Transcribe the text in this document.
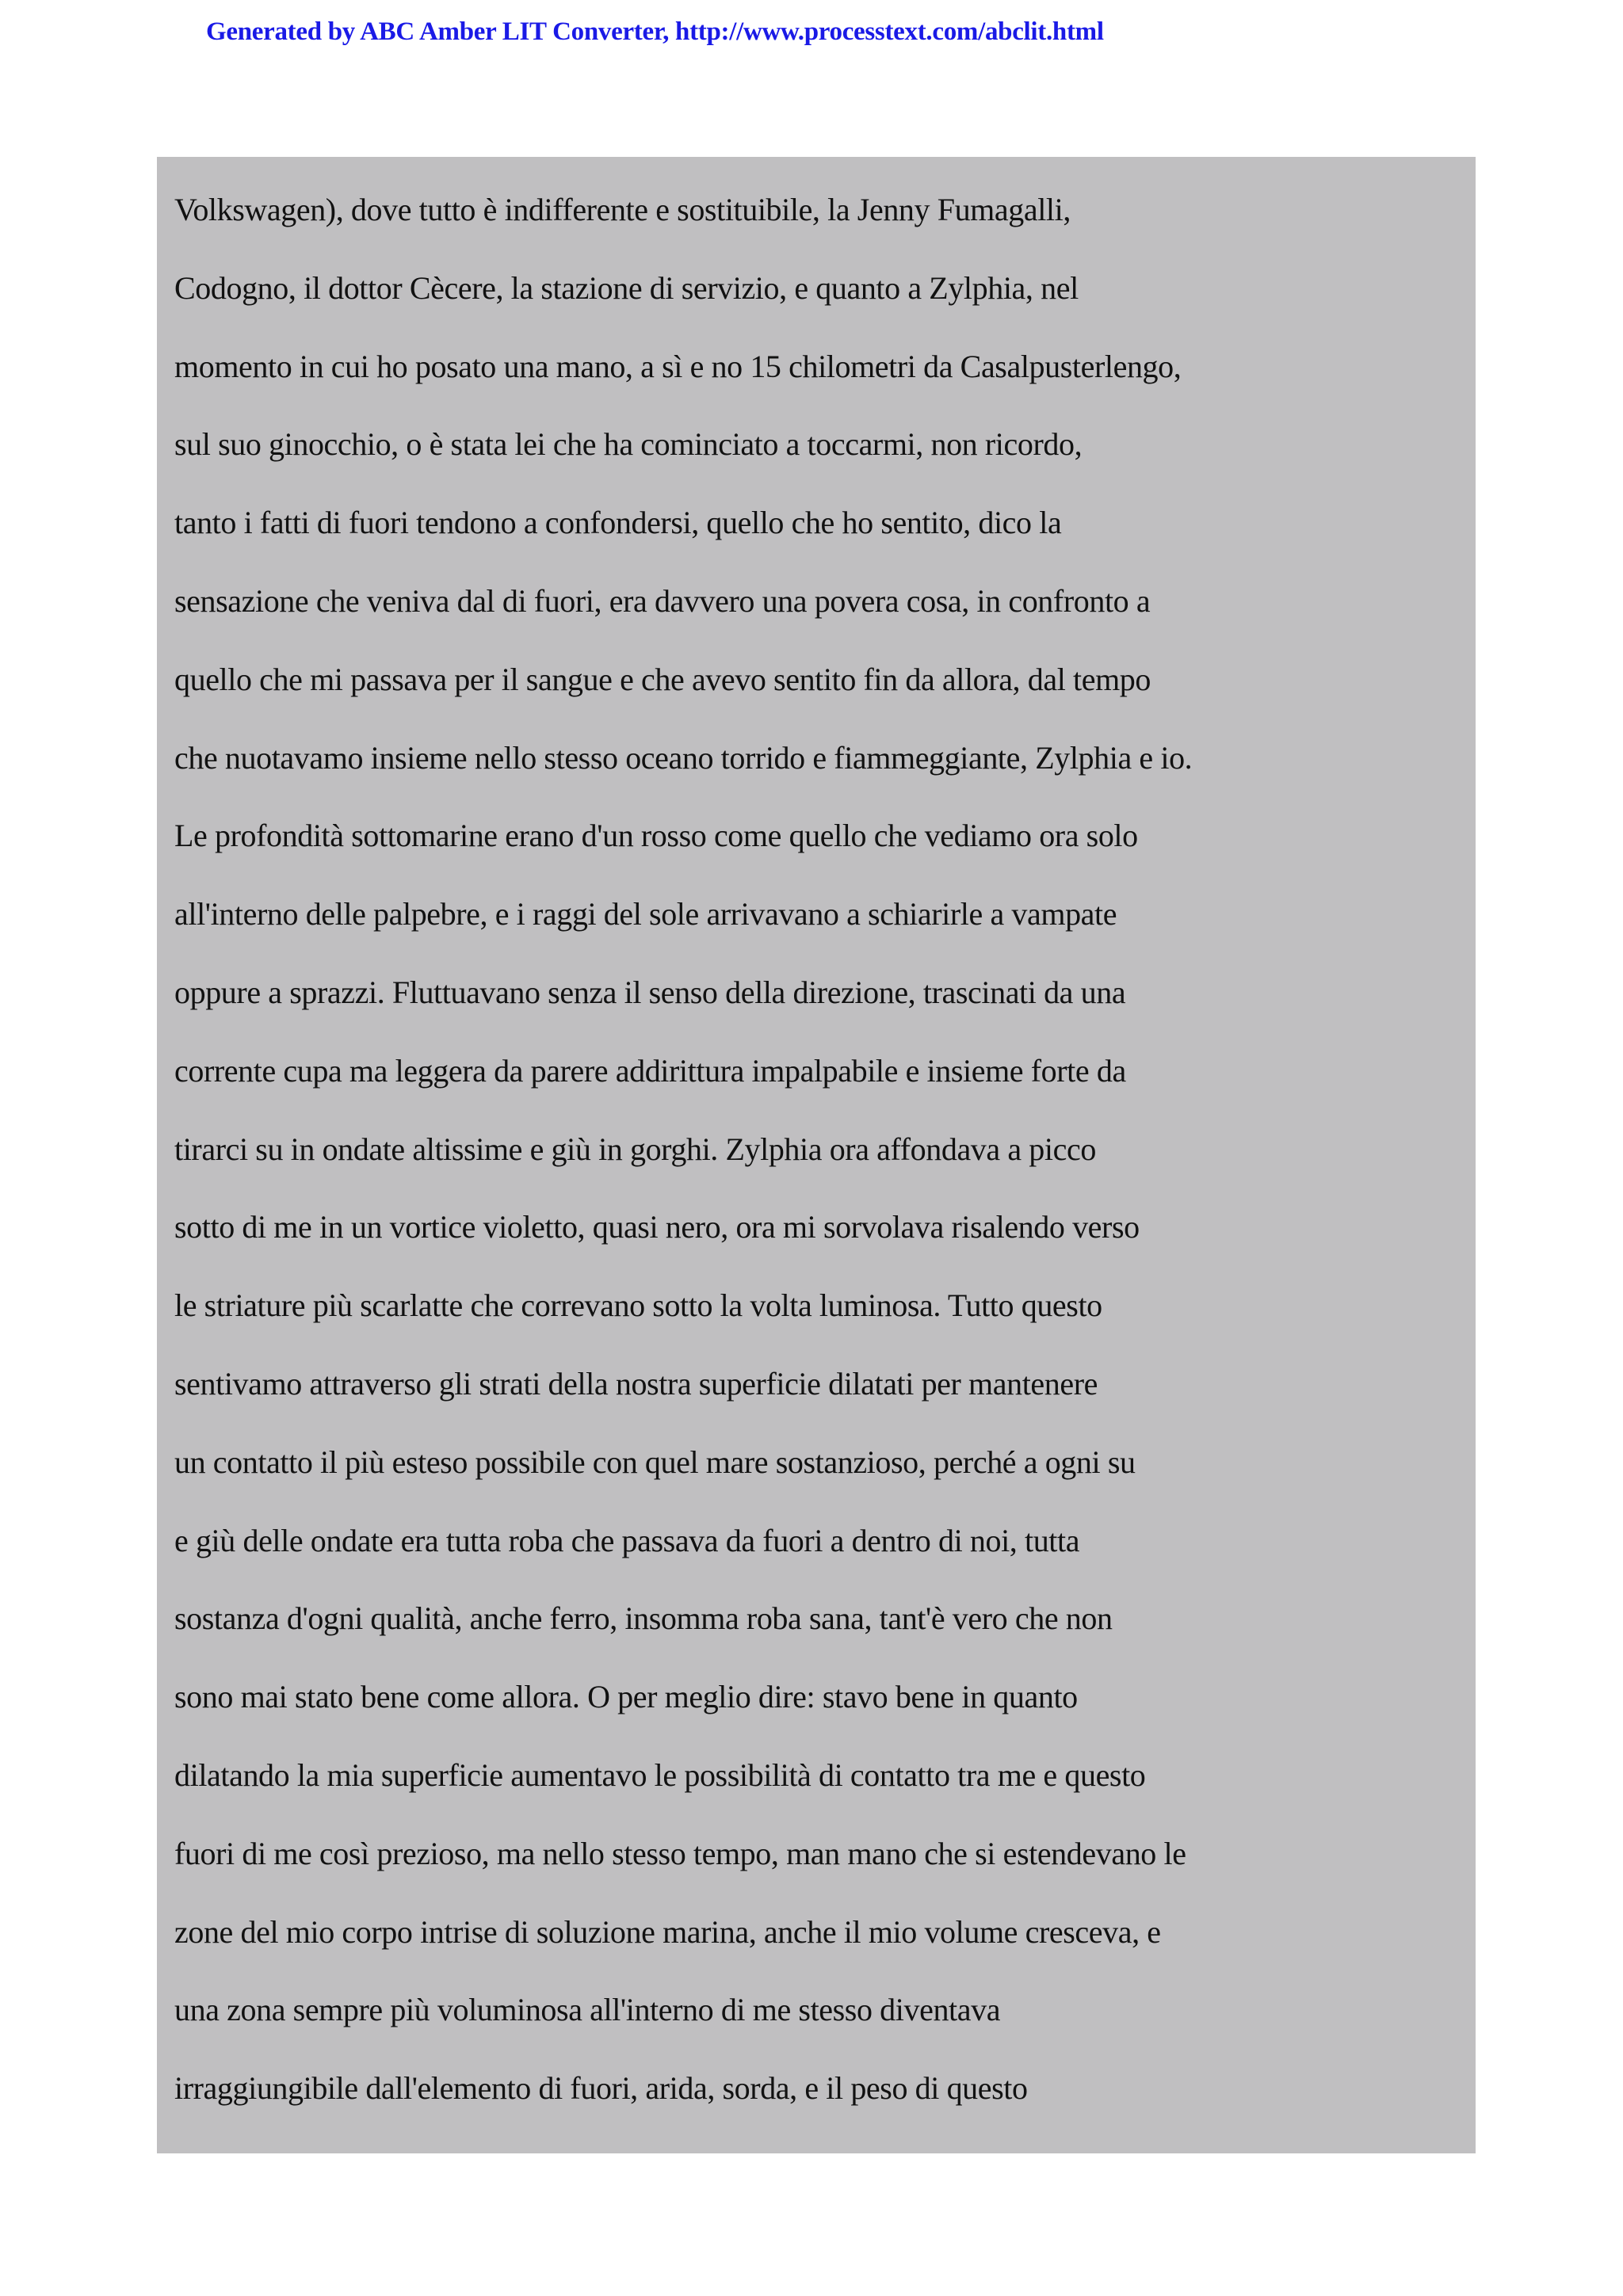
Generated by ABC Amber LIT Converter, http://www.processtext.com/abclit.html
Volkswagen), dove tutto è indifferente e sostituibile, la Jenny Fumagalli,
Codogno, il dottor Cècere, la stazione di servizio, e quanto a Zylphia, nel
momento in cui ho posato una mano, a sì e no 15 chilometri da Casalpusterlengo,
sul suo ginocchio, o è stata lei che ha cominciato a toccarmi, non ricordo,
tanto i fatti di fuori tendono a confondersi, quello che ho sentito, dico la
sensazione che veniva dal di fuori, era davvero una povera cosa, in confronto a
quello che mi passava per il sangue e che avevo sentito fin da allora, dal tempo
che nuotavamo insieme nello stesso oceano torrido e fiammeggiante, Zylphia e io.
Le profondità sottomarine erano d'un rosso come quello che vediamo ora solo
all'interno delle palpebre, e i raggi del sole arrivavano a schiarirle a vampate
oppure a sprazzi. Fluttuavano senza il senso della direzione, trascinati da una
corrente cupa ma leggera da parere addirittura impalpabile e insieme forte da
tirarci su in ondate altissime e giù in gorghi. Zylphia ora affondava a picco
sotto di me in un vortice violetto, quasi nero, ora mi sorvolava risalendo verso
le striature più scarlatte che correvano sotto la volta luminosa. Tutto questo
sentivamo attraverso gli strati della nostra superficie dilatati per mantenere
un contatto il più esteso possibile con quel mare sostanzioso, perché a ogni su
e giù delle ondate era tutta roba che passava da fuori a dentro di noi, tutta
sostanza d'ogni qualità, anche ferro, insomma roba sana, tant'è vero che non
sono mai stato bene come allora. O per meglio dire: stavo bene in quanto
dilatando la mia superficie aumentavo le possibilità di contatto tra me e questo
fuori di me così prezioso, ma nello stesso tempo, man mano che si estendevano le
zone del mio corpo intrise di soluzione marina, anche il mio volume cresceva, e
una zona sempre più voluminosa all'interno di me stesso diventava
irraggiungibile dall'elemento di fuori, arida, sorda, e il peso di questo
